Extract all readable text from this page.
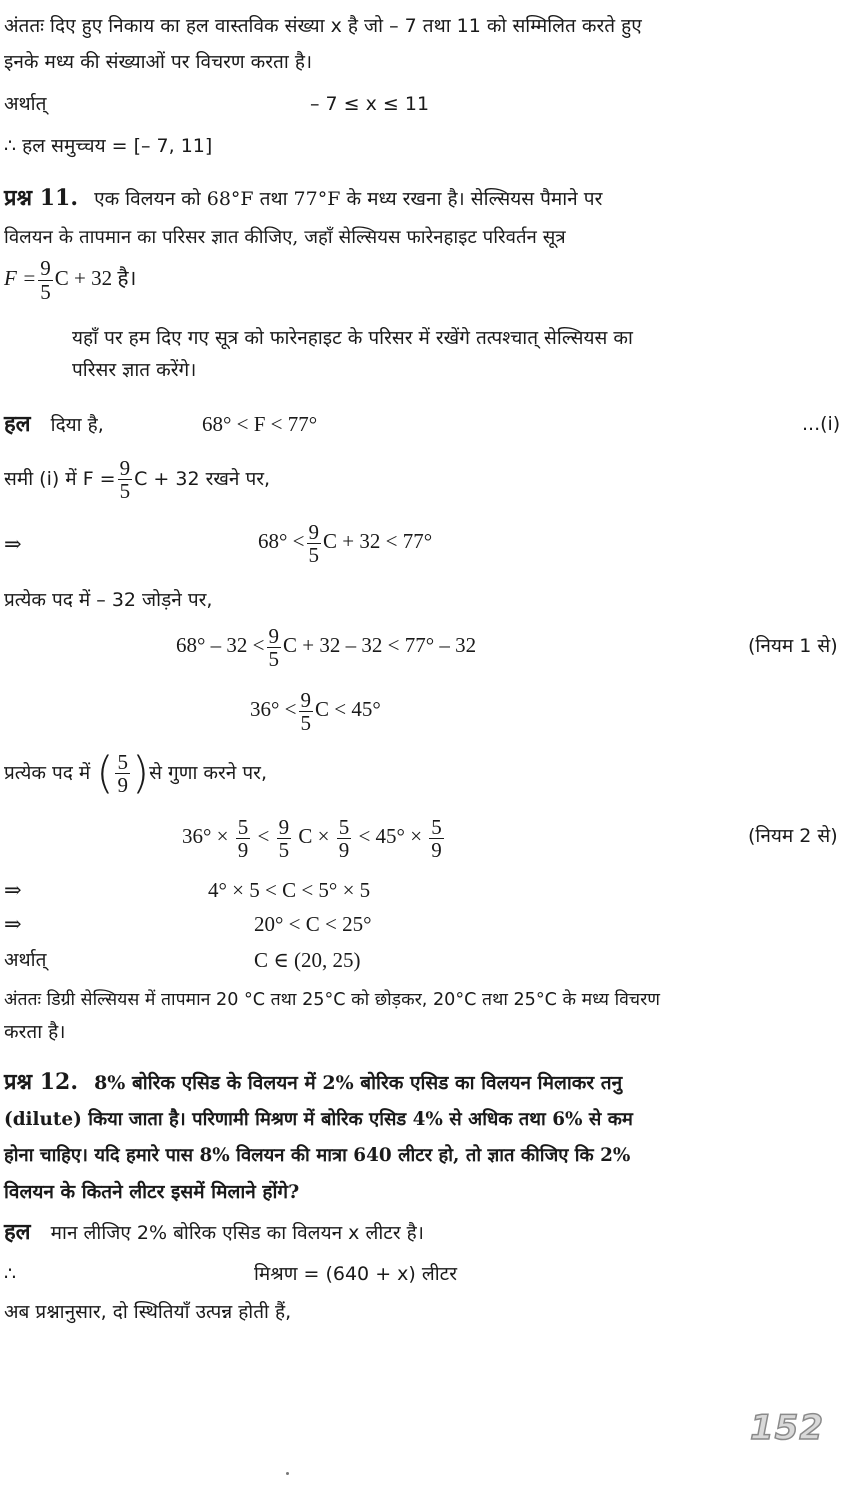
अंततः दिए हुए निकाय का हल वास्तविक संख्या x है जो – 7 तथा 11 को सम्मिलित करते हुए
इनके मध्य की संख्याओं पर विचरण करता है।
अर्थात्	– 7 ≤ x ≤ 11
∴ हल समुच्चय = [– 7, 11]
प्रश्न 11. एक विलयन को 68°F तथा 77°F के मध्य रखना है। सेल्सियस पैमाने पर
विलयन के तापमान का परिसर ज्ञात कीजिए, जहाँ सेल्सियस फारेनहाइट परिवर्तन सूत्र
$F = \frac{9}{5}$ C + 32 है।
यहाँ पर हम दिए गए सूत्र को फारेनहाइट के परिसर में रखेंगे तत्पश्चात् सेल्सियस का
परिसर ज्ञात करेंगे।
हल दिया है,	68° < F < 77°	...(i)
समी (i) में $F = \frac{9}{5}$ C + 32 रखने पर,
⇒	$68^\circ < \frac{9}{5}$ C + 32 < 77°
प्रत्येक पद में – 32 जोड़ने पर,
$68^\circ - 32 < \frac{9}{5}$ C + 32 – 32 < 77° – 32	(नियम 1 से)
$36^\circ < \frac{9}{5}$ C < 45°
प्रत्येक पद में ( $\frac{5}{9}$ )से गुणा करने पर,
$36^\circ \times \frac{5}{9} < \frac{9}{5}$ $C \times \frac{5}{9} < 45^\circ \times \frac{5}{9}$	(नियम 2 से)
⇒	4° × 5 < C < 5° × 5
⇒	20° < C < 25°
अर्थात्	C ∈ (20, 25)
अंततः डिग्री सेल्सियस में तापमान 20 °C तथा 25°C को छोड़कर, 20°C तथा 25°C के मध्य विचरण
करता है।
प्रश्न 12. 8% बोरिक एसिड के विलयन में 2% बोरिक एसिड का विलयन मिलाकर तनु
(dilute) किया जाता है। परिणामी मिश्रण में बोरिक एसिड 4% से अधिक तथा 6% से कम
होना चाहिए। यदि हमारे पास 8% विलयन की मात्रा 640 लीटर हो, तो ज्ञात कीजिए कि 2%
विलयन के कितने लीटर इसमें मिलाने होंगे?
हल मान लीजिए 2% बोरिक एसिड का विलयन x लीटर है।
∴	मिश्रण = (640 + x) लीटर
अब प्रश्नानुसार, दो स्थितियाँ उत्पन्न होती हैं,
152
